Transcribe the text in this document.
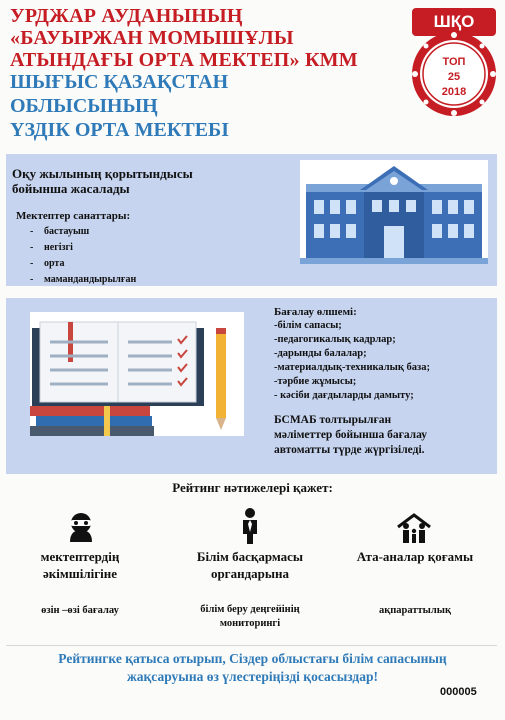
УРДЖАР АУДАНЫНЫҢ
«БАУЫРЖАН МОМЫШҰЛЫ
АТЫНДАҒЫ ОРТА МЕКТЕП» КММ
ШЫҒЫС ҚАЗАҚСТАН
ОБЛЫСЫНЫҢ
ҮЗДІК ОРТА МЕКТЕБІ
ШҚО
ТОП
25
2018
Оқу жылының қорытындысы
бойынша жасалады
Мектептер санаттары:
- бастауыш
- негізгі
- орта
- мамандандырылған
Бағалау өлшемі:
-білім сапасы;
-педагогикалық кадрлар;
-дарынды балалар;
-материалдық-техникалық база;
-тәрбие жұмысы;
- кәсіби дағдыларды дамыту;
БСМАБ толтырылған
мәліметтер бойынша бағалау
автоматты түрде жүргізіледі.
Рейтинг нәтижелері қажет:
мектептердің
әкімшілігіне
өзін –өзі бағалау
Білім басқармасы
органдарына
білім беру деңгейінің
мониторингі
Ата-аналар қоғамы
ақпараттылық
Рейтингке қатыса отырып, Сіздер облыстағы білім сапасының
жақсаруына өз үлестеріңізді қосасыздар!
000005
